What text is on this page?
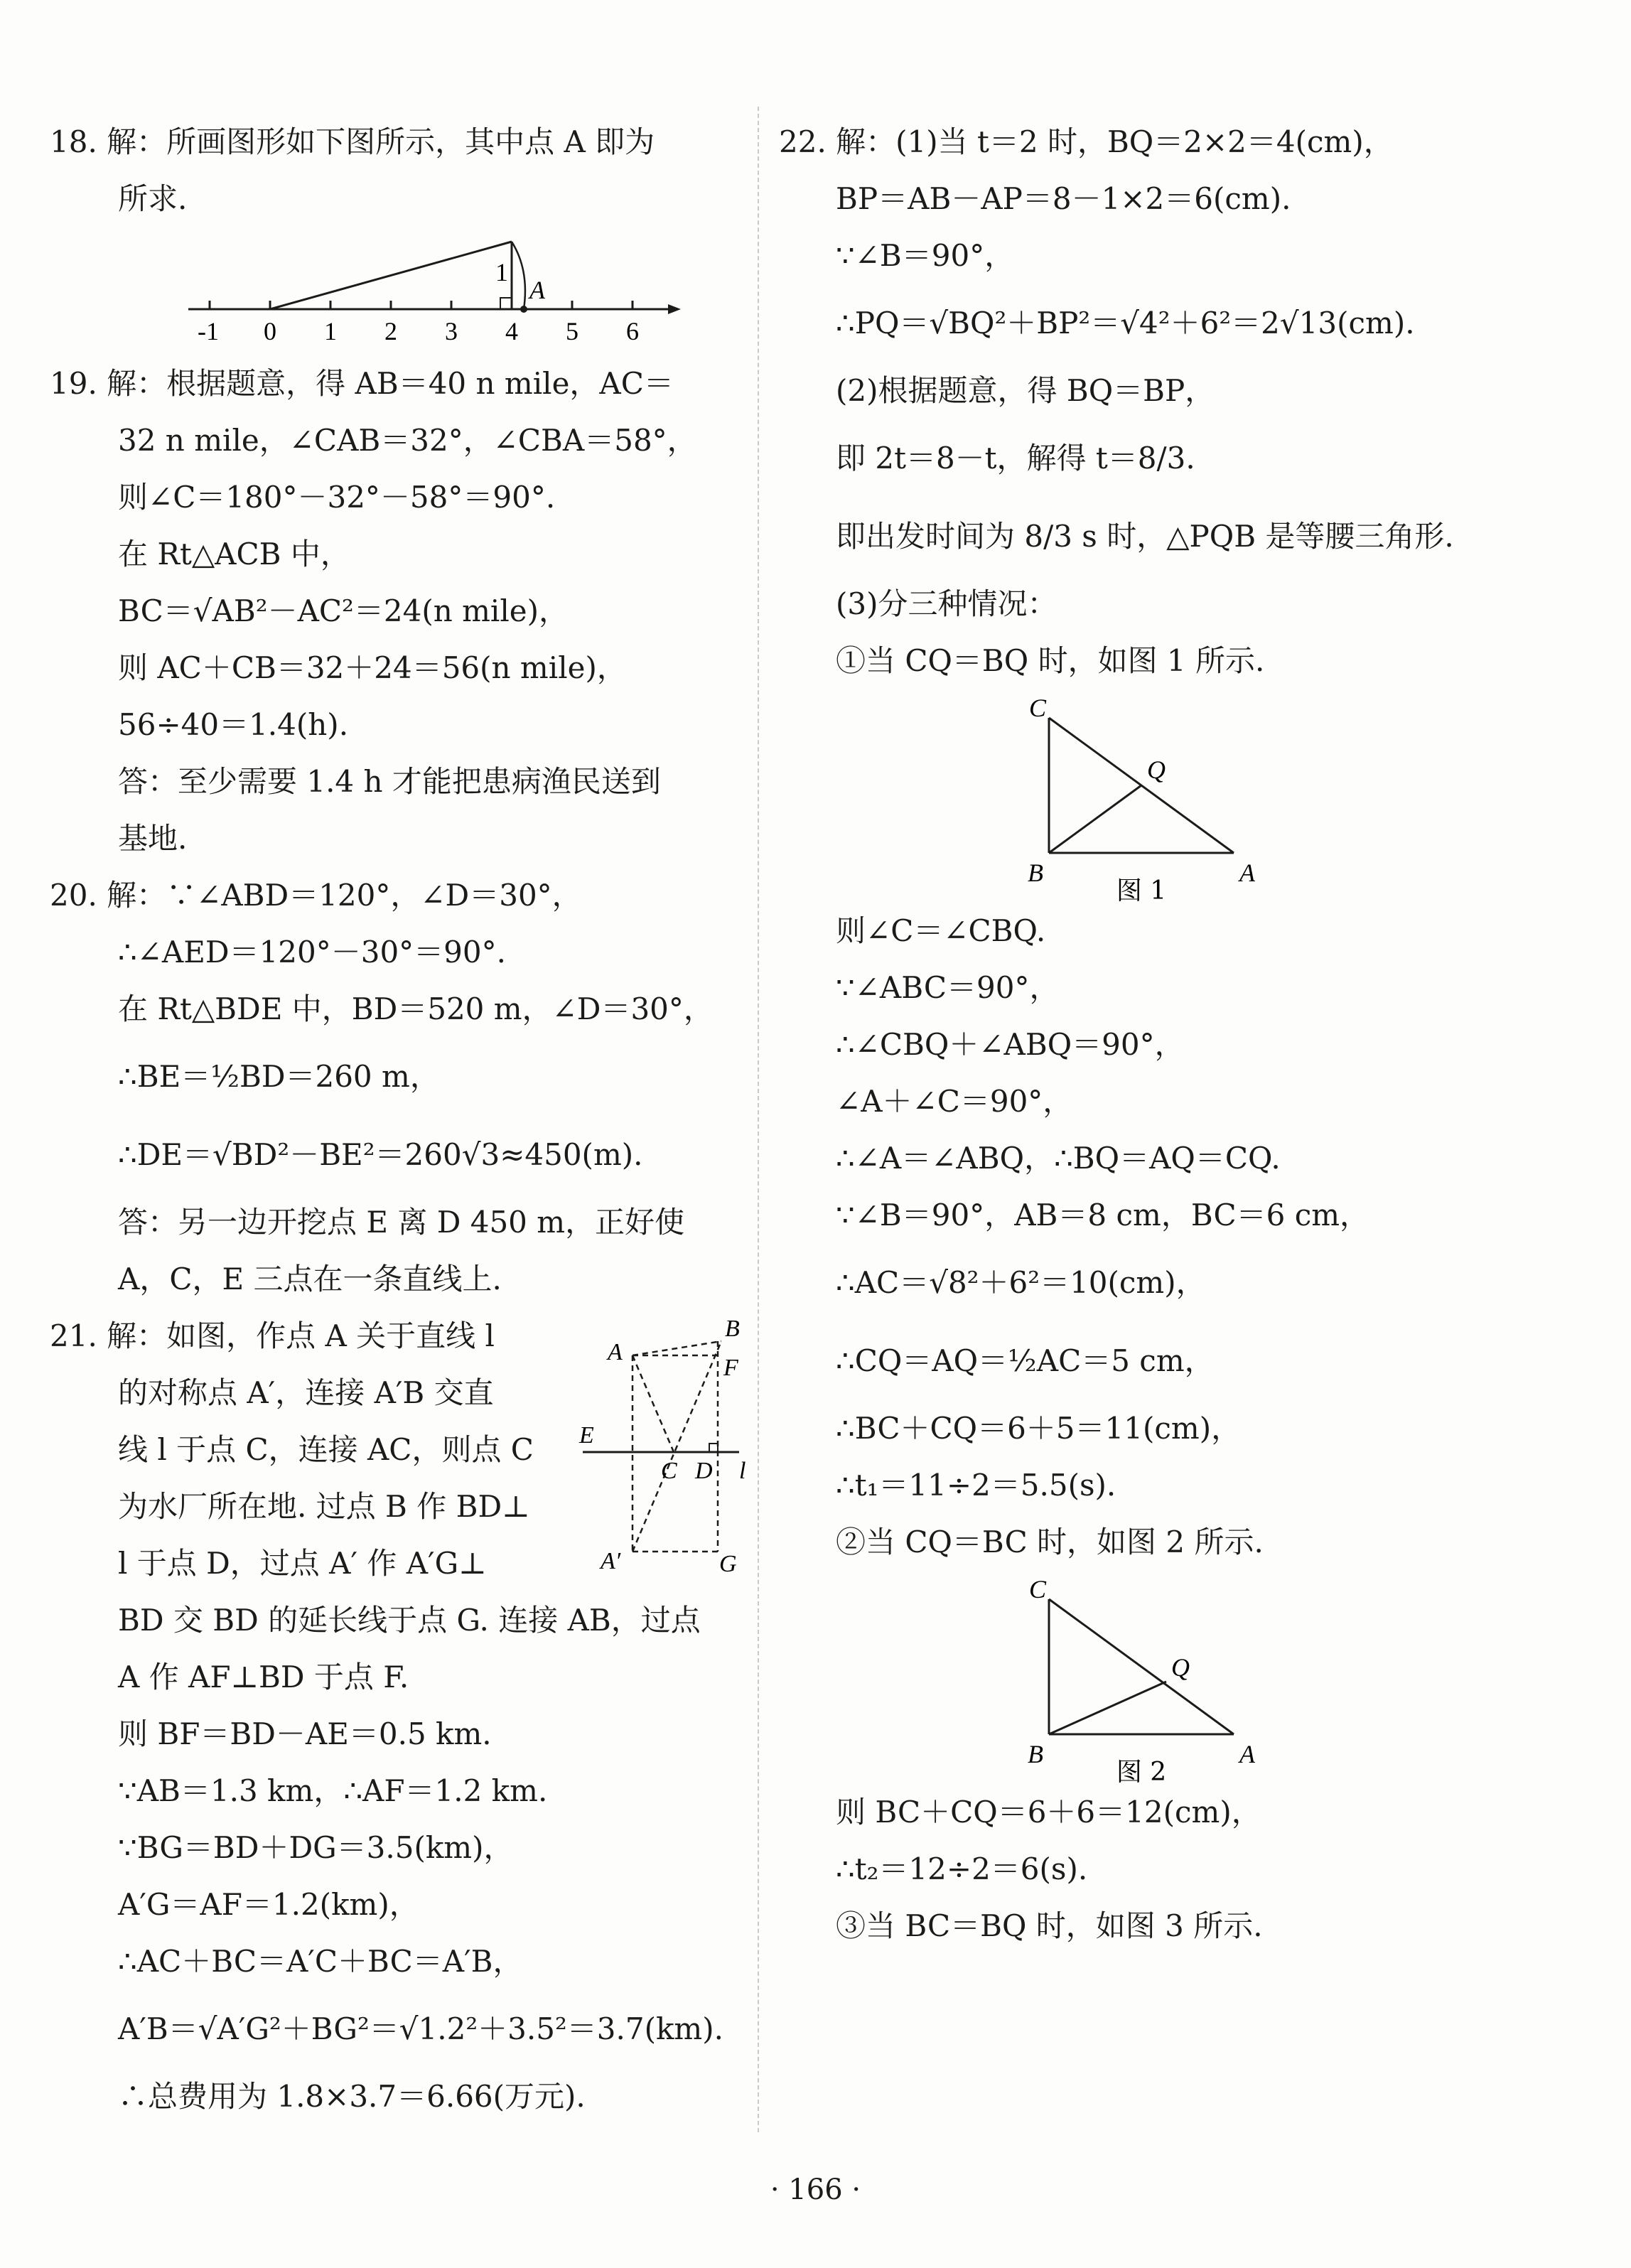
18. 解：所画图形如下图所示，其中点 A 即为
所求.
-1 0 1 2 3 4 5 6
1
A
19. 解：根据题意，得 AB＝40 n mile，AC＝
32 n mile，∠CAB＝32°，∠CBA＝58°，
则∠C＝180°－32°－58°＝90°.
在 Rt△ACB 中，
BC＝√AB²－AC²＝24(n mile)，
则 AC＋CB＝32＋24＝56(n mile)，
56÷40＝1.4(h).
答：至少需要 1.4 h 才能把患病渔民送到
基地.
20. 解：∵∠ABD＝120°，∠D＝30°，
∴∠AED＝120°－30°＝90°.
在 Rt△BDE 中，BD＝520 m，∠D＝30°，
∴BE＝½BD＝260 m，
∴DE＝√BD²－BE²＝260√3≈450(m).
答：另一边开挖点 E 离 D 450 m，正好使
A，C，E 三点在一条直线上.
21. 解：如图，作点 A 关于直线 l
的对称点 A′，连接 A′B 交直
线 l 于点 C，连接 AC，则点 C
为水厂所在地. 过点 B 作 BD⊥
l 于点 D，过点 A′ 作 A′G⊥
BD 交 BD 的延长线于点 G. 连接 AB，过点
A 作 AF⊥BD 于点 F.
则 BF＝BD－AE＝0.5 km.
∵AB＝1.3 km，∴AF＝1.2 km.
∵BG＝BD＋DG＝3.5(km)，
A′G＝AF＝1.2(km)，
∴AC＋BC＝A′C＋BC＝A′B，
A′B＝√A′G²＋BG²＝√1.2²＋3.5²＝3.7(km).
∴总费用为 1.8×3.7＝6.66(万元).
B
A
F
E
C D l
A′	G
22. 解：(1)当 t＝2 时，BQ＝2×2＝4(cm)，
BP＝AB－AP＝8－1×2＝6(cm).
∵∠B＝90°，
∴PQ＝√BQ²＋BP²＝√4²＋6²＝2√13(cm).
(2)根据题意，得 BQ＝BP，
即 2t＝8－t，解得 t＝8/3.
即出发时间为 8/3 s 时，△PQB 是等腰三角形.
(3)分三种情况：
①当 CQ＝BQ 时，如图 1 所示.
C
Q
B	A
图 1
则∠C＝∠CBQ.
∵∠ABC＝90°，
∴∠CBQ＋∠ABQ＝90°，
∠A＋∠C＝90°，
∴∠A＝∠ABQ，∴BQ＝AQ＝CQ.
∵∠B＝90°，AB＝8 cm，BC＝6 cm，
∴AC＝√8²＋6²＝10(cm)，
∴CQ＝AQ＝½AC＝5 cm，
∴BC＋CQ＝6＋5＝11(cm)，
∴t₁＝11÷2＝5.5(s).
②当 CQ＝BC 时，如图 2 所示.
C
Q
B	A
图 2
则 BC＋CQ＝6＋6＝12(cm)，
∴t₂＝12÷2＝6(s).
③当 BC＝BQ 时，如图 3 所示.
· 166 ·
